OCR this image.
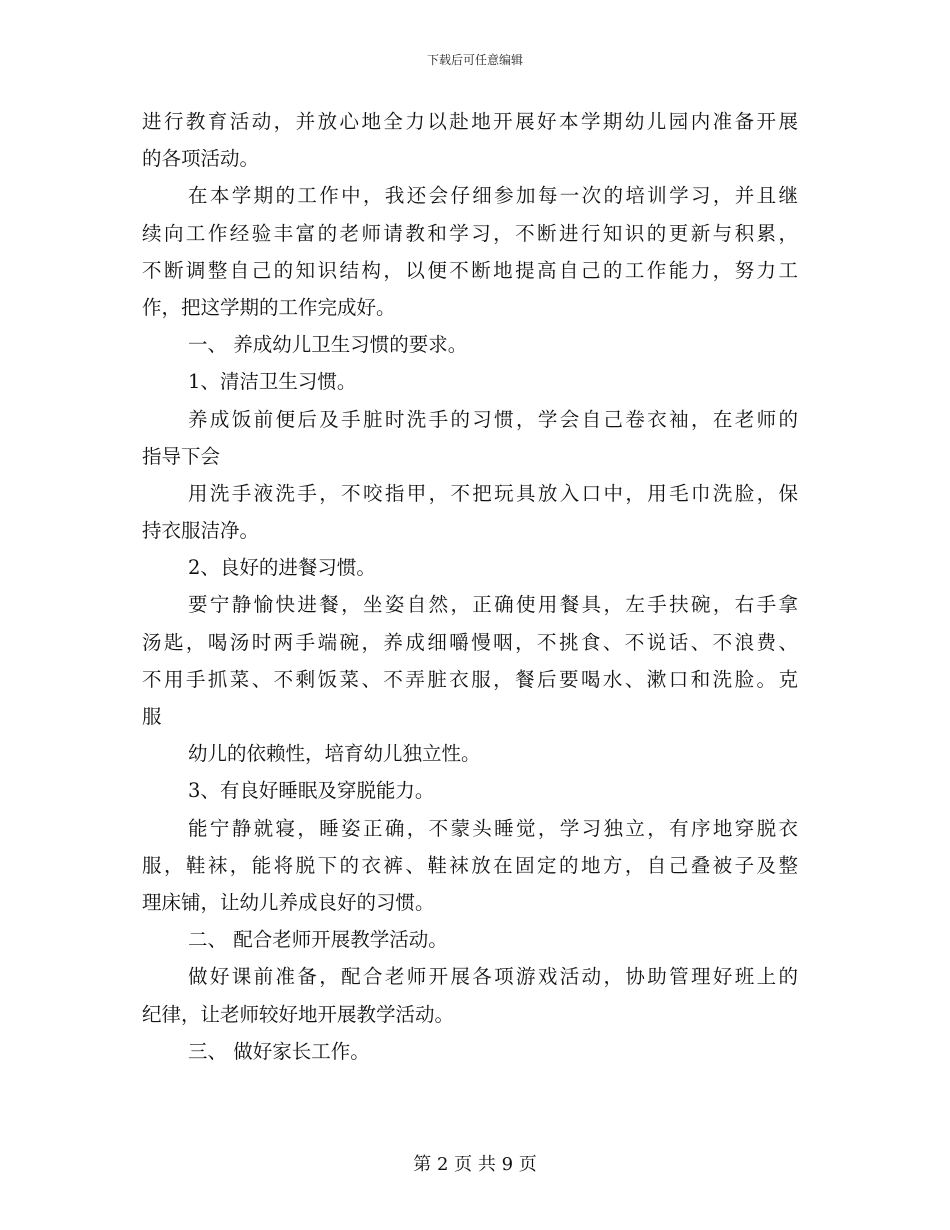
下载后可任意编辑
进行教育活动，并放心地全力以赴地开展好本学期幼儿园内准备开展
的各项活动。
在本学期的工作中，我还会仔细参加每一次的培训学习，并且继
续向工作经验丰富的老师请教和学习，不断进行知识的更新与积累，
不断调整自己的知识结构，以便不断地提高自己的工作能力，努力工
作，把这学期的工作完成好。
一、 养成幼儿卫生习惯的要求。
1、清洁卫生习惯。
养成饭前便后及手脏时洗手的习惯，学会自己卷衣袖，在老师的
指导下会
用洗手液洗手，不咬指甲，不把玩具放入口中，用毛巾洗脸，保
持衣服洁净。
2、良好的进餐习惯。
要宁静愉快进餐，坐姿自然，正确使用餐具，左手扶碗，右手拿
汤匙，喝汤时两手端碗，养成细嚼慢咽，不挑食、不说话、不浪费、
不用手抓菜、不剩饭菜、不弄脏衣服，餐后要喝水、漱口和洗脸。克
服
幼儿的依赖性，培育幼儿独立性。
3、有良好睡眠及穿脱能力。
能宁静就寝，睡姿正确，不蒙头睡觉，学习独立，有序地穿脱衣
服，鞋袜，能将脱下的衣裤、鞋袜放在固定的地方，自己叠被子及整
理床铺，让幼儿养成良好的习惯。
二、 配合老师开展教学活动。
做好课前准备，配合老师开展各项游戏活动，协助管理好班上的
纪律，让老师较好地开展教学活动。
三、 做好家长工作。
第 2 页 共 9 页
